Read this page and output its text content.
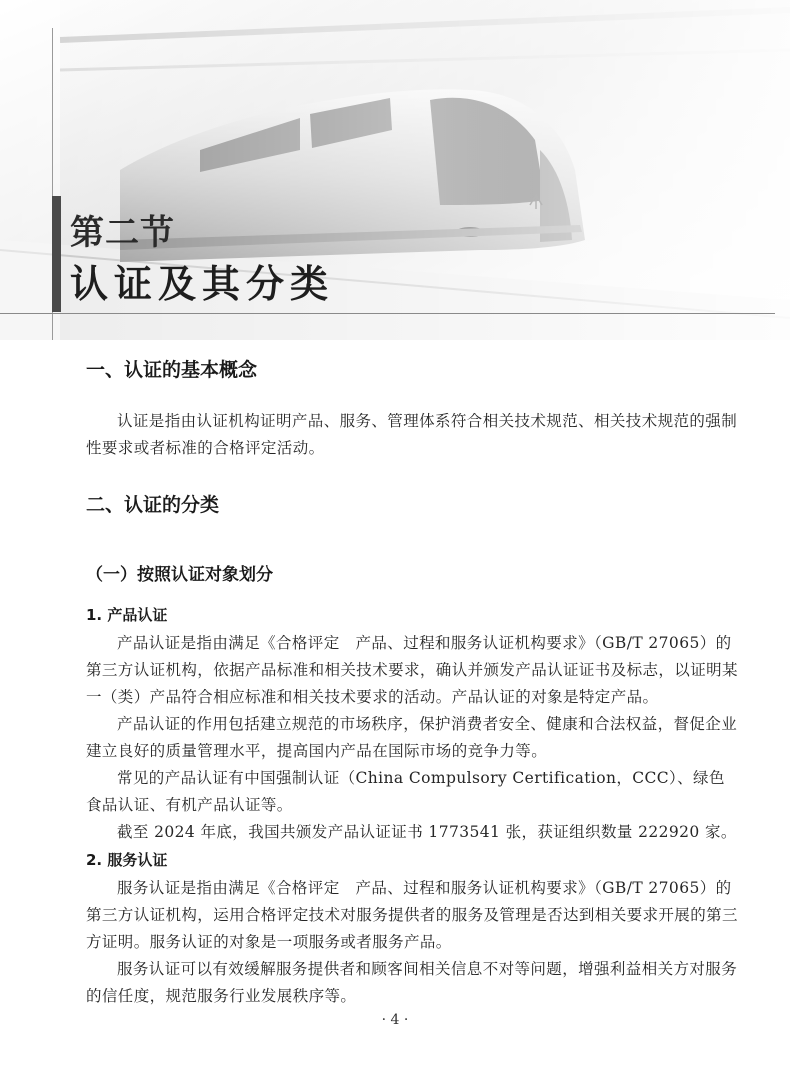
第二节
认证及其分类
一、认证的基本概念

认证是指由认证机构证明产品、服务、管理体系符合相关技术规范、相关技术规范的强制性要求或者标准的合格评定活动。

二、认证的分类
（一）按照认证对象划分
1. 产品认证

产品认证是指由满足《合格评定　产品、过程和服务认证机构要求》（GB/T 27065）的第三方认证机构，依据产品标准和相关技术要求，确认并颁发产品认证证书及标志，以证明某一（类）产品符合相应标准和相关技术要求的活动。产品认证的对象是特定产品。

产品认证的作用包括建立规范的市场秩序，保护消费者安全、健康和合法权益，督促企业建立良好的质量管理水平，提高国内产品在国际市场的竞争力等。

常见的产品认证有中国强制认证（China Compulsory Certification，CCC）、绿色食品认证、有机产品认证等。

截至 2024 年底，我国共颁发产品认证证书 1773541 张，获证组织数量 222920 家。

2. 服务认证

服务认证是指由满足《合格评定　产品、过程和服务认证机构要求》（GB/T 27065）的第三方认证机构，运用合格评定技术对服务提供者的服务及管理是否达到相关要求开展的第三方证明。服务认证的对象是一项服务或者服务产品。

服务认证可以有效缓解服务提供者和顾客间相关信息不对等问题，增强利益相关方对服务的信任度，规范服务行业发展秩序等。

· 4 ·
